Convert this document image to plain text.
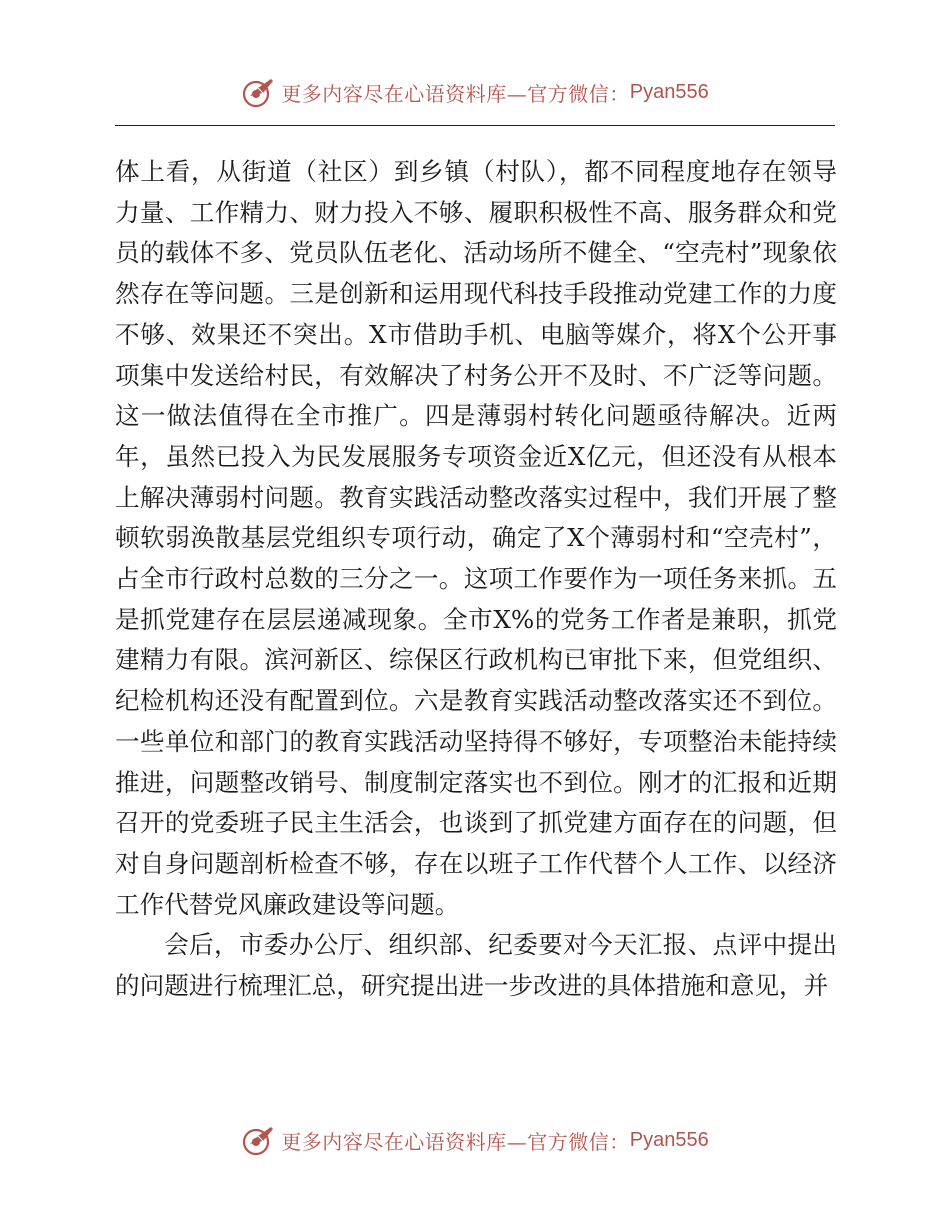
更多内容尽在心语资料库—官方微信： Pyan556

体上看，从街道（社区）到乡镇（村队），都不同程度地存在领导力量、工作精力、财力投入不够、履职积极性不高、服务群众和党员的载体不多、党员队伍老化、活动场所不健全、“空壳村”现象依然存在等问题。三是创新和运用现代科技手段推动党建工作的力度不够、效果还不突出。X市借助手机、电脑等媒介，将X个公开事项集中发送给村民，有效解决了村务公开不及时、不广泛等问题。这一做法值得在全市推广。四是薄弱村转化问题亟待解决。近两年，虽然已投入为民发展服务专项资金近X亿元，但还没有从根本上解决薄弱村问题。教育实践活动整改落实过程中，我们开展了整顿软弱涣散基层党组织专项行动，确定了X个薄弱村和“空壳村”，占全市行政村总数的三分之一。这项工作要作为一项任务来抓。五是抓党建存在层层递减现象。全市X%的党务工作者是兼职，抓党建精力有限。滨河新区、综保区行政机构已审批下来，但党组织、纪检机构还没有配置到位。六是教育实践活动整改落实还不到位。一些单位和部门的教育实践活动坚持得不够好，专项整治未能持续推进，问题整改销号、制度制定落实也不到位。刚才的汇报和近期召开的党委班子民主生活会，也谈到了抓党建方面存在的问题，但对自身问题剖析检查不够，存在以班子工作代替个人工作、以经济工作代替党风廉政建设等问题。

会后，市委办公厅、组织部、纪委要对今天汇报、点评中提出的问题进行梳理汇总，研究提出进一步改进的具体措施和意见，并

更多内容尽在心语资料库—官方微信： Pyan556
